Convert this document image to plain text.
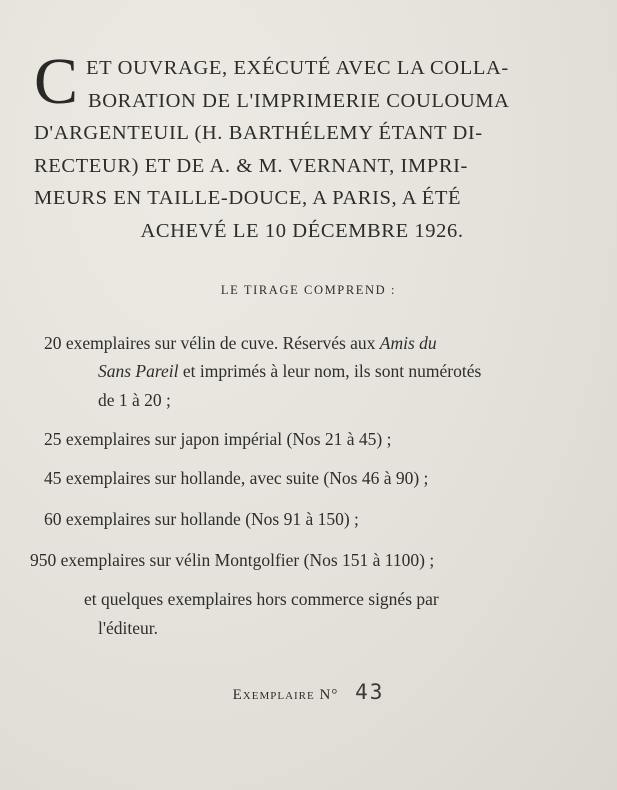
C ET OUVRAGE, EXÉCUTÉ AVEC LA COLLA-
BORATION DE L'IMPRIMERIE COULOUMA
D'ARGENTEUIL (H. BARTHÉLEMY ÉTANT DI-
RECTEUR) ET DE A. & M. VERNANT, IMPRI-
MEURS EN TAILLE-DOUCE, A PARIS, A ÉTÉ
ACHEVÉ LE 10 DÉCEMBRE 1926.
LE TIRAGE COMPREND :
20 exemplaires sur vélin de cuve. Réservés aux Amis du
Sans Pareil et imprimés à leur nom, ils sont numérotés
de 1 à 20 ;
25 exemplaires sur japon impérial (Nos 21 à 45) ;
45 exemplaires sur hollande, avec suite (Nos 46 à 90) ;
60 exemplaires sur hollande (Nos 91 à 150) ;
950 exemplaires sur vélin Montgolfier (Nos 151 à 1100) ;
et quelques exemplaires hors commerce signés par
l'éditeur.
Exemplaire N° 43
